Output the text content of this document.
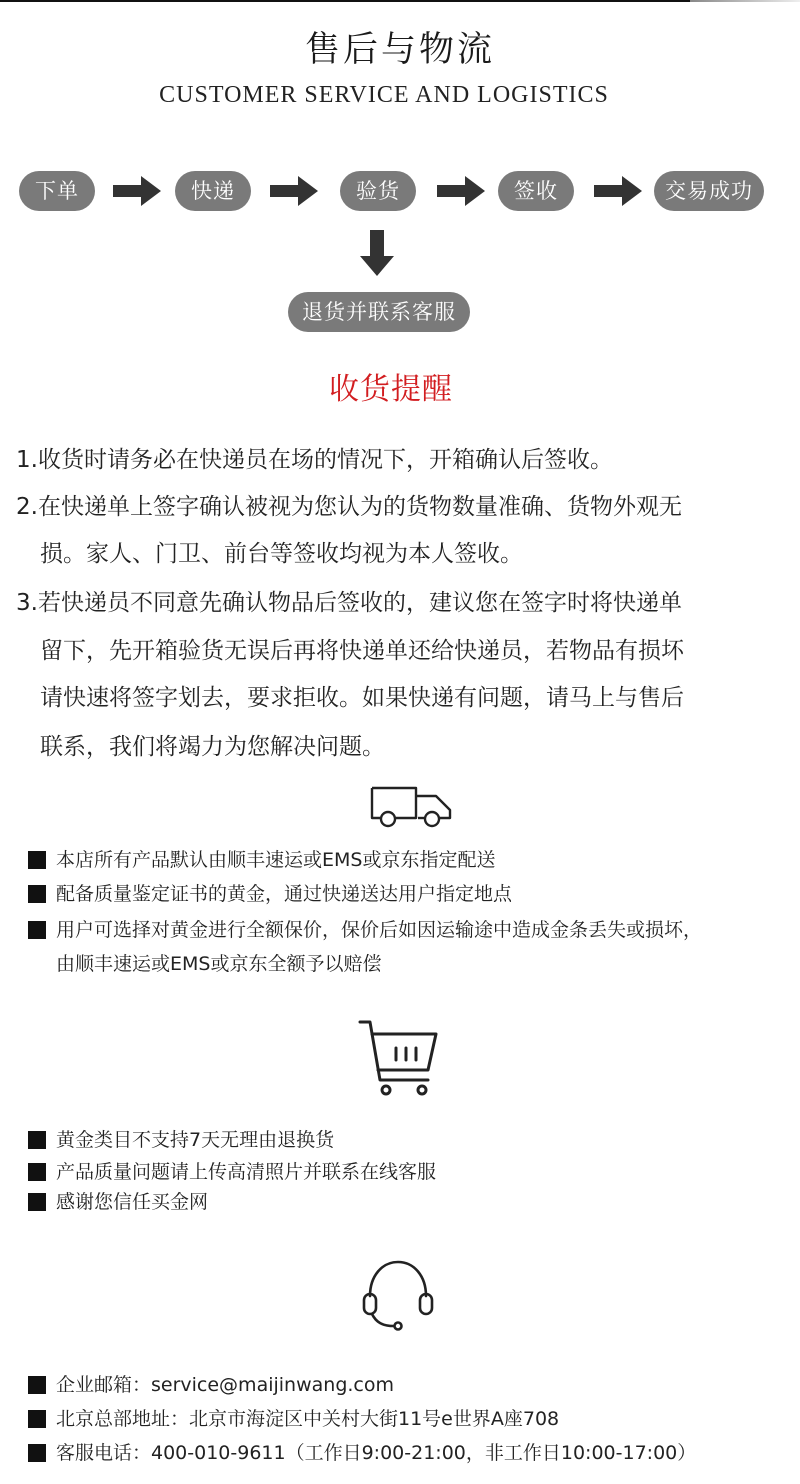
售后与物流
CUSTOMER SERVICE AND LOGISTICS
下单	快递	验货	签收	交易成功
退货并联系客服
收货提醒
1.收货时请务必在快递员在场的情况下，开箱确认后签收。
2.在快递单上签字确认被视为您认为的货物数量准确、货物外观无
损。家人、门卫、前台等签收均视为本人签收。
3.若快递员不同意先确认物品后签收的，建议您在签字时将快递单
留下，先开箱验货无误后再将快递单还给快递员，若物品有损坏
请快速将签字划去，要求拒收。如果快递有问题，请马上与售后
联系，我们将竭力为您解决问题。
本店所有产品默认由顺丰速运或EMS或京东指定配送
配备质量鉴定证书的黄金，通过快递送达用户指定地点
用户可选择对黄金进行全额保价，保价后如因运输途中造成金条丢失或损坏，
由顺丰速运或EMS或京东全额予以赔偿
黄金类目不支持7天无理由退换货
产品质量问题请上传高清照片并联系在线客服
感谢您信任买金网
企业邮箱：service@maijinwang.com
北京总部地址：北京市海淀区中关村大街11号e世界A座708
客服电话：400-010-9611（工作日9:00-21:00，非工作日10:00-17:00）
